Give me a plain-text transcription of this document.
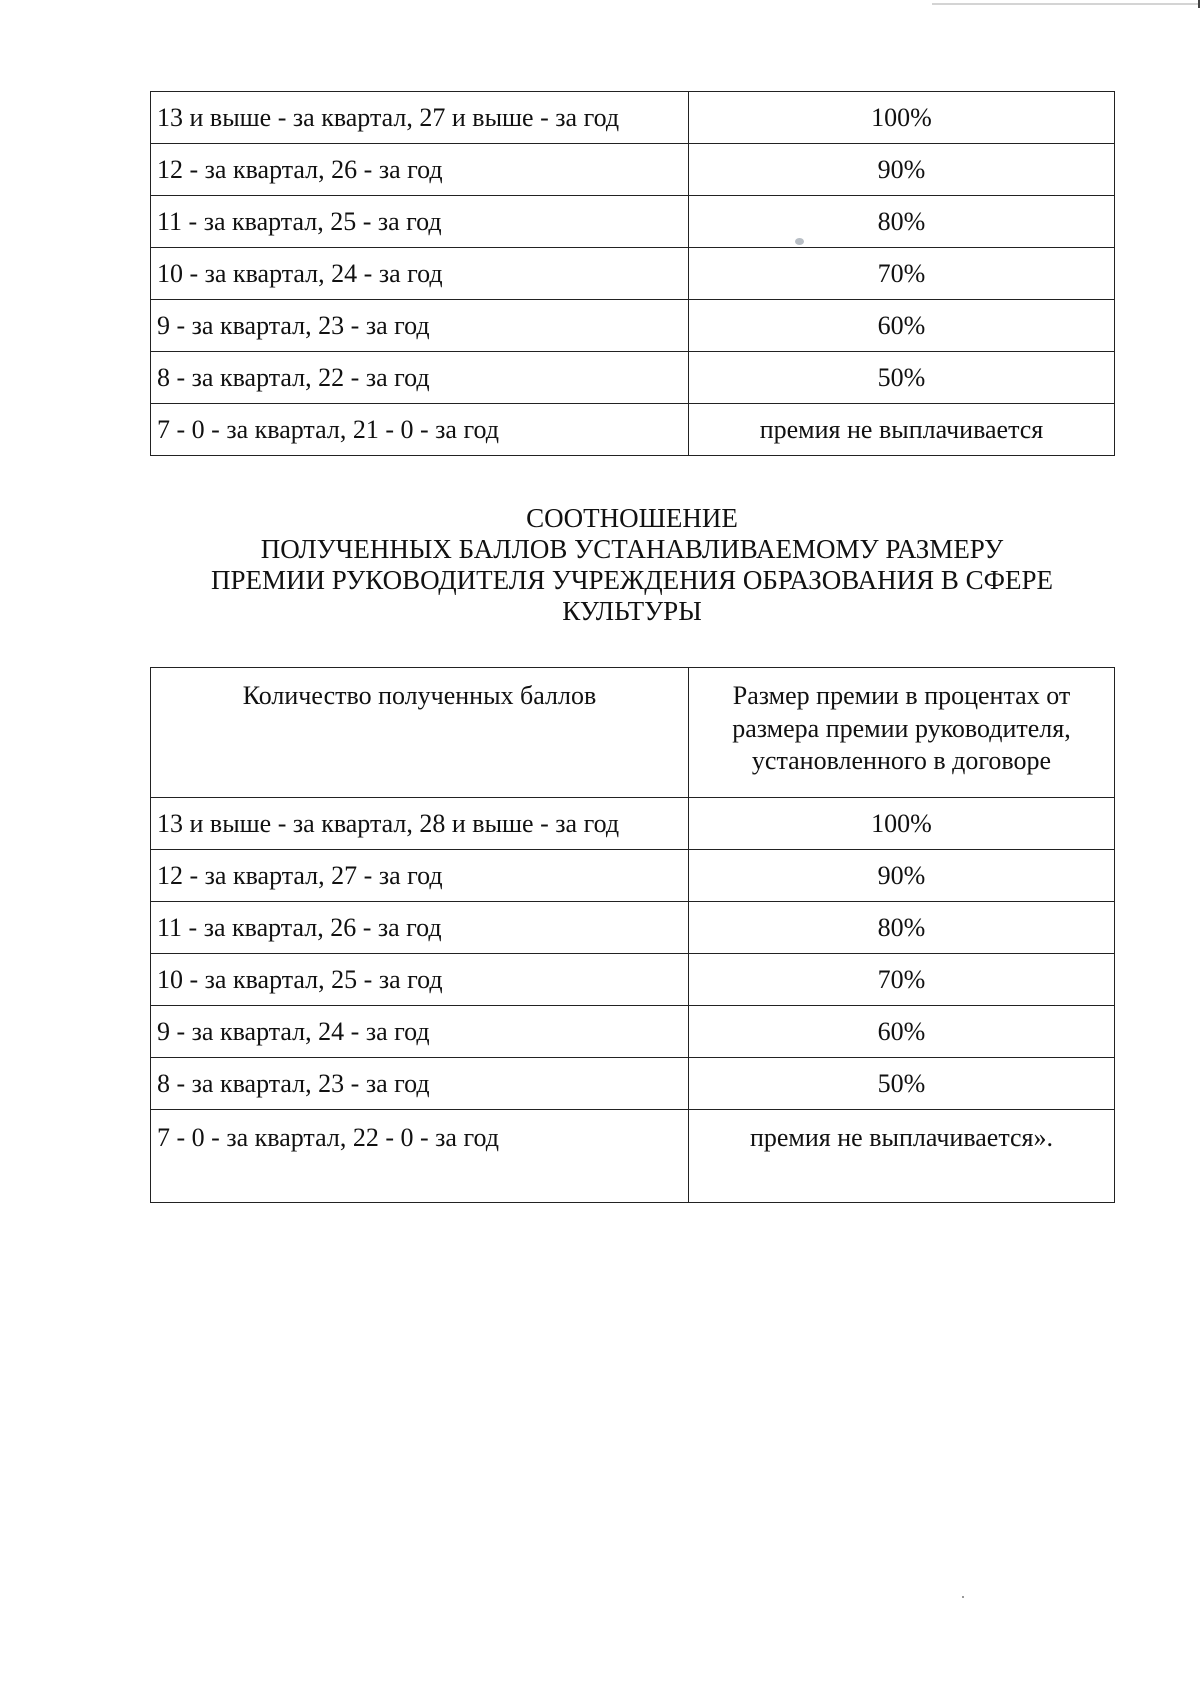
13 и выше - за квартал, 27 и выше - за год	100%
12 - за квартал, 26 - за год	90%
11 - за квартал, 25 - за год	80%
10 - за квартал, 24 - за год	70%
9 - за квартал, 23 - за год	60%
8 - за квартал, 22 - за год	50%
7 - 0 - за квартал, 21 - 0 - за год	премия не выплачивается
СООТНОШЕНИЕ
ПОЛУЧЕННЫХ БАЛЛОВ УСТАНАВЛИВАЕМОМУ РАЗМЕРУ
ПРЕМИИ РУКОВОДИТЕЛЯ УЧРЕЖДЕНИЯ ОБРАЗОВАНИЯ В СФЕРЕ
КУЛЬТУРЫ
Количество полученных баллов	Размер премии в процентах от
размера премии руководителя,
установленного в договоре

13 и выше - за квартал, 28 и выше - за год	100%
12 - за квартал, 27 - за год	90%
11 - за квартал, 26 - за год	80%
10 - за квартал, 25 - за год	70%
9 - за квартал, 24 - за год	60%
8 - за квартал, 23 - за год	50%
7 - 0 - за квартал, 22 - 0 - за год	премия не выплачивается».
